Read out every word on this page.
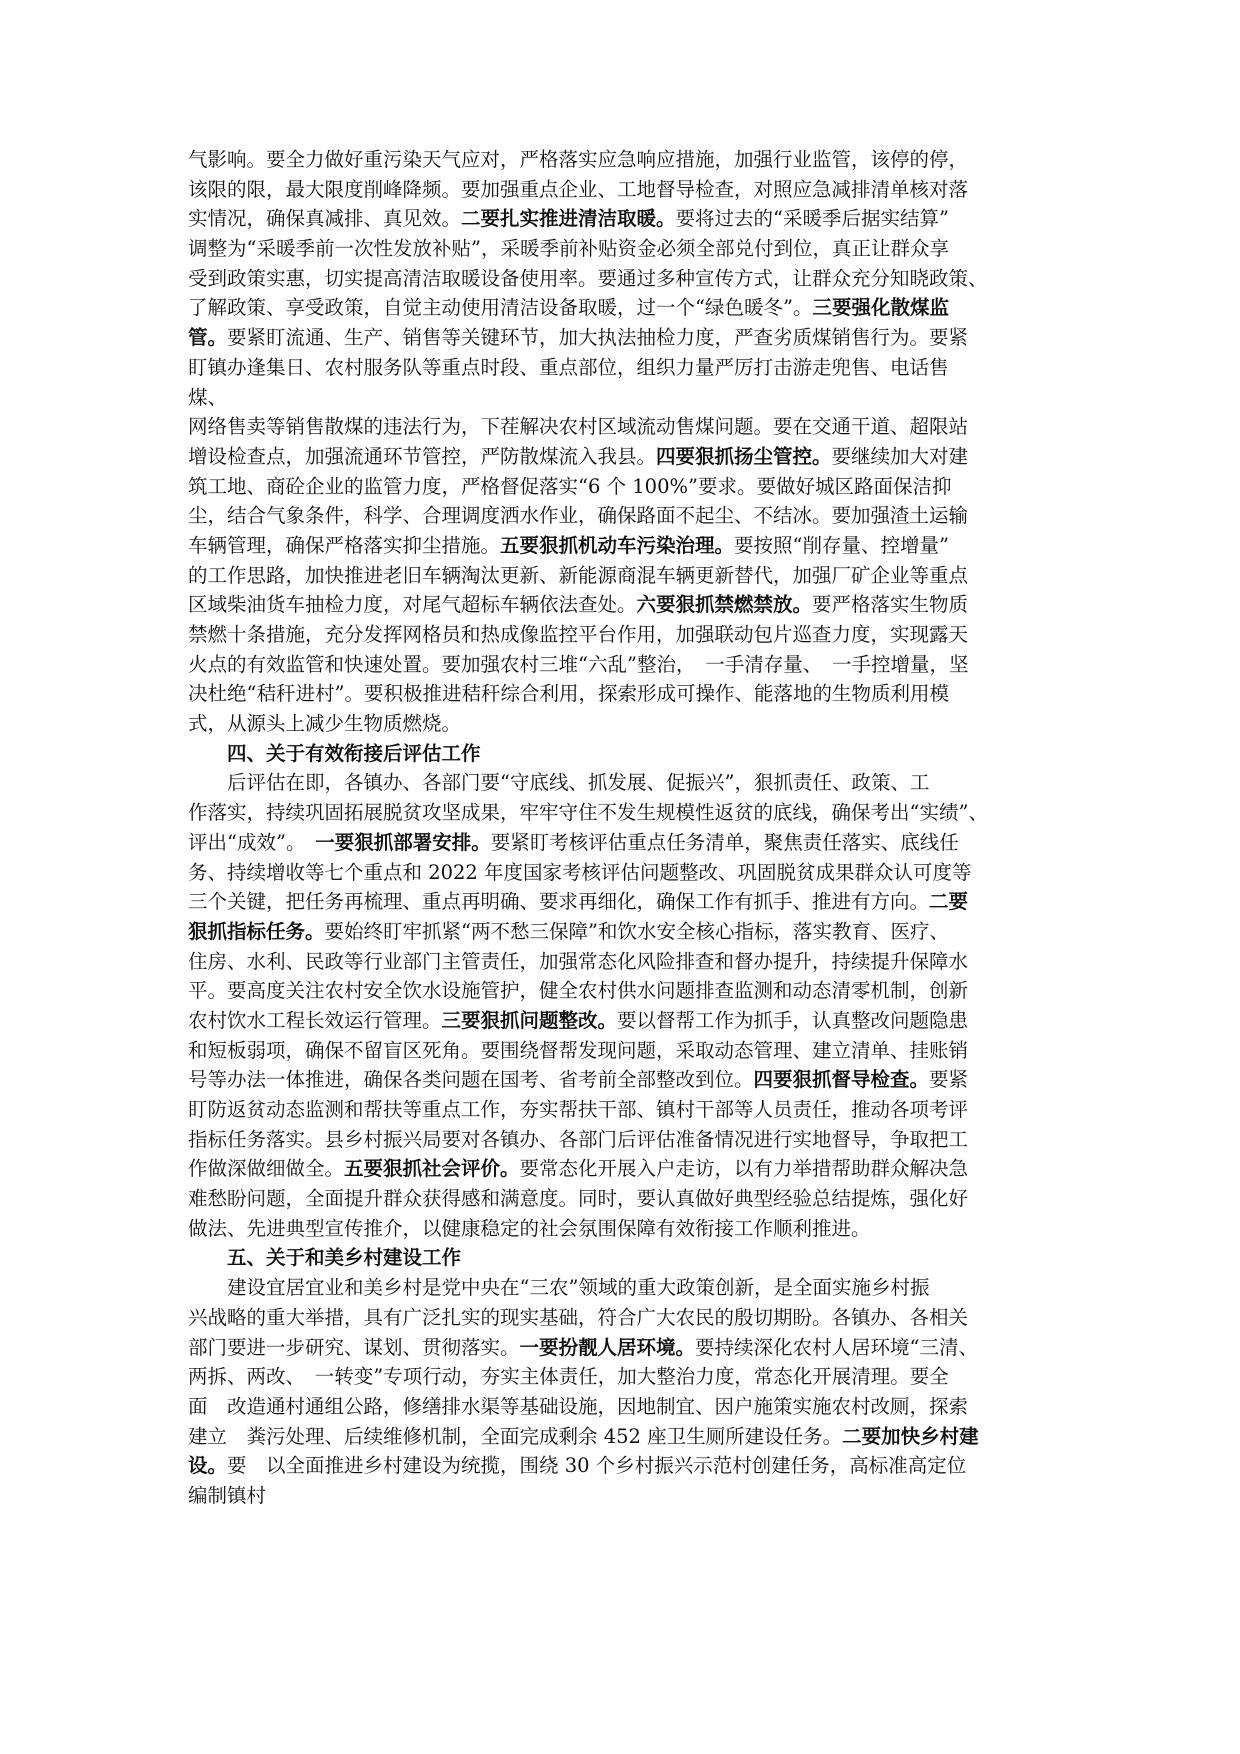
气影响。要全力做好重污染天气应对，严格落实应急响应措施，加强行业监管，该停的停，
该限的限，最大限度削峰降频。要加强重点企业、工地督导检查，对照应急减排清单核对落
实情况，确保真减排、真见效。二要扎实推进清洁取暖。要将过去的“采暖季后据实结算”
调整为“采暖季前一次性发放补贴”，采暖季前补贴资金必须全部兑付到位，真正让群众享
受到政策实惠，切实提高清洁取暖设备使用率。要通过多种宣传方式，让群众充分知晓政策、
了解政策、享受政策，自觉主动使用清洁设备取暖，过一个“绿色暖冬”。三要强化散煤监
管。要紧盯流通、生产、销售等关键环节，加大执法抽检力度，严查劣质煤销售行为。要紧
盯镇办逢集日、农村服务队等重点时段、重点部位，组织力量严厉打击游走兜售、电话售
煤、
网络售卖等销售散煤的违法行为，下茬解决农村区域流动售煤问题。要在交通干道、超限站
增设检查点，加强流通环节管控，严防散煤流入我县。四要狠抓扬尘管控。要继续加大对建
筑工地、商砼企业的监管力度，严格督促落实“6 个 100%”要求。要做好城区路面保洁抑
尘，结合气象条件，科学、合理调度洒水作业，确保路面不起尘、不结冰。要加强渣土运输
车辆管理，确保严格落实抑尘措施。五要狠抓机动车污染治理。要按照“削存量、控增量”
的工作思路，加快推进老旧车辆淘汰更新、新能源商混车辆更新替代，加强厂矿企业等重点
区域柴油货车抽检力度，对尾气超标车辆依法查处。六要狠抓禁燃禁放。要严格落实生物质
禁燃十条措施，充分发挥网格员和热成像监控平台作用，加强联动包片巡查力度，实现露天
火点的有效监管和快速处置。要加强农村三堆“六乱”整治，　一手清存量、　一手控增量，坚
决杜绝“秸秆进村”。要积极推进秸秆综合利用，探索形成可操作、能落地的生物质利用模
式，从源头上减少生物质燃烧。
四、关于有效衔接后评估工作
后评估在即，各镇办、各部门要“守底线、抓发展、促振兴”，狠抓责任、政策、工
作落实，持续巩固拓展脱贫攻坚成果，牢牢守住不发生规模性返贫的底线，确保考出“实绩”、
评出“成效”。　一要狠抓部署安排。要紧盯考核评估重点任务清单，聚焦责任落实、底线任
务、持续增收等七个重点和 2022 年度国家考核评估问题整改、巩固脱贫成果群众认可度等
三个关键，把任务再梳理、重点再明确、要求再细化，确保工作有抓手、推进有方向。二要
狠抓指标任务。要始终盯牢抓紧“两不愁三保障”和饮水安全核心指标，落实教育、医疗、
住房、水利、民政等行业部门主管责任，加强常态化风险排查和督办提升，持续提升保障水
平。要高度关注农村安全饮水设施管护，健全农村供水问题排查监测和动态清零机制，创新
农村饮水工程长效运行管理。三要狠抓问题整改。要以督帮工作为抓手，认真整改问题隐患
和短板弱项，确保不留盲区死角。要围绕督帮发现问题，采取动态管理、建立清单、挂账销
号等办法一体推进，确保各类问题在国考、省考前全部整改到位。四要狠抓督导检查。要紧
盯防返贫动态监测和帮扶等重点工作，夯实帮扶干部、镇村干部等人员责任，推动各项考评
指标任务落实。县乡村振兴局要对各镇办、各部门后评估准备情况进行实地督导，争取把工
作做深做细做全。五要狠抓社会评价。要常态化开展入户走访，以有力举措帮助群众解决急
难愁盼问题，全面提升群众获得感和满意度。同时，要认真做好典型经验总结提炼，强化好
做法、先进典型宣传推介，以健康稳定的社会氛围保障有效衔接工作顺利推进。
五、关于和美乡村建设工作
建设宜居宜业和美乡村是党中央在“三农”领域的重大政策创新，是全面实施乡村振
兴战略的重大举措，具有广泛扎实的现实基础，符合广大农民的殷切期盼。各镇办、各相关
部门要进一步研究、谋划、贯彻落实。一要扮靓人居环境。要持续深化农村人居环境“三清、
两拆、两改、　一转变”专项行动，夯实主体责任，加大整治力度，常态化开展清理。要全
面　改造通村通组公路，修缮排水渠等基础设施，因地制宜、因户施策实施农村改厕，探索
建立　粪污处理、后续维修机制，全面完成剩余 452 座卫生厕所建设任务。二要加快乡村建
设。要　以全面推进乡村建设为统揽，围绕 30 个乡村振兴示范村创建任务，高标准高定位
编制镇村
